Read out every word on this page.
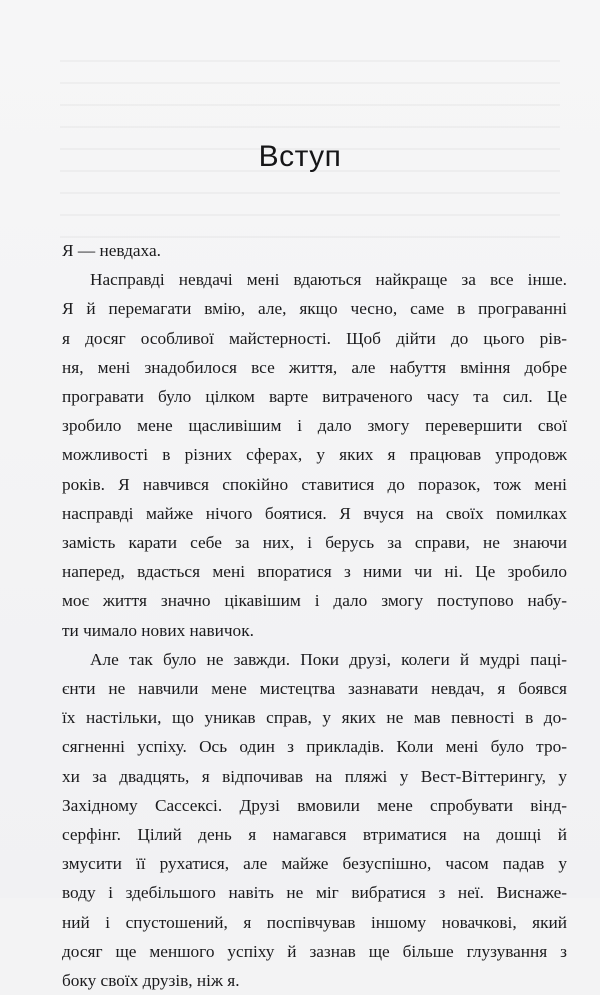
Вступ
Я — невдаха.
Насправді невдачі мені вдаються найкраще за все інше.
Я й перемагати вмію, але, якщо чесно, саме в програванні
я досяг особливої майстерності. Щоб дійти до цього рів-
ня, мені знадобилося все життя, але набуття вміння добре
програвати було цілком варте витраченого часу та сил. Це
зробило мене щасливішим і дало змогу перевершити свої
можливості в різних сферах, у яких я працював упродовж
років. Я навчився спокійно ставитися до поразок, тож мені
насправді майже нічого боятися. Я вчуся на своїх помилках
замість карати себе за них, і берусь за справи, не знаючи
наперед, вдасться мені впоратися з ними чи ні. Це зробило
моє життя значно цікавішим і дало змогу поступово набу-
ти чимало нових навичок.
Але так було не завжди. Поки друзі, колеги й мудрі паці-
єнти не навчили мене мистецтва зазнавати невдач, я боявся
їх настільки, що уникав справ, у яких не мав певності в до-
сягненні успіху. Ось один з прикладів. Коли мені було тро-
хи за двадцять, я відпочивав на пляжі у Вест-Віттерингу, у
Західному Сассексі. Друзі вмовили мене спробувати вінд-
серфінг. Цілий день я намагався втриматися на дошці й
змусити її рухатися, але майже безуспішно, часом падав у
воду і здебільшого навіть не міг вибратися з неї. Виснаже-
ний і спустошений, я поспівчував іншому новачкові, який
досяг ще меншого успіху й зазнав ще більше глузування з
боку своїх друзів, ніж я.
